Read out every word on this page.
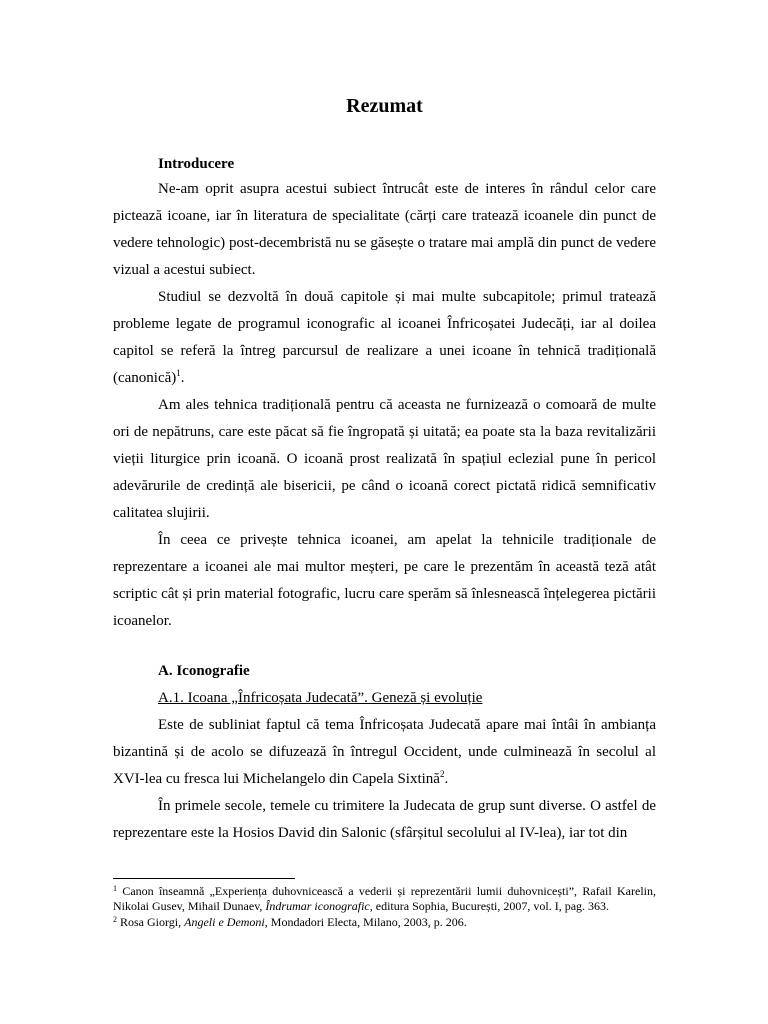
Rezumat
Introducere

Ne-am oprit asupra acestui subiect întrucât este de interes în rândul celor care pictează icoane, iar în literatura de specialitate (cărți care tratează icoanele din punct de vedere tehnologic) post-decembristă nu se găsește o tratare mai amplă din punct de vedere vizual a acestui subiect.

Studiul se dezvoltă în două capitole și mai multe subcapitole; primul tratează probleme legate de programul iconografic al icoanei Înfricoșatei Judecăți, iar al doilea capitol se referă la întreg parcursul de realizare a unei icoane în tehnică tradițională (canonică)$^1$.

Am ales tehnica tradițională pentru că aceasta ne furnizează o comoară de multe ori de nepătruns, care este păcat să fie îngropată și uitată; ea poate sta la baza revitalizării vieții liturgice prin icoană. O icoană prost realizată în spațiul eclezial pune în pericol adevărurile de credință ale bisericii, pe când o icoană corect pictată ridică semnificativ calitatea slujirii.

În ceea ce privește tehnica icoanei, am apelat la tehnicile tradiționale de reprezentare a icoanei ale mai multor meșteri, pe care le prezentăm în această teză atât scriptic cât și prin material fotografic, lucru care sperăm să înlesnească înțelegerea pictării icoanelor.

A. Iconografie
A.1. Icoana „Înfricoșata Judecată”. Geneză și evoluție

Este de subliniat faptul că tema Înfricoșata Judecată apare mai întâi în ambianța bizantină și de acolo se difuzează în întregul Occident, unde culminează în secolul al XVI-lea cu fresca lui Michelangelo din Capela Sixtină$^2$.

În primele secole, temele cu trimitere la Judecata de grup sunt diverse. O astfel de reprezentare este la Hosios David din Salonic (sfârșitul secolului al IV-lea), iar tot din

$^1$ Canon înseamnă „Experiența duhovnicească a vederii și reprezentării lumii duhovnicești”, Rafail Karelin, Nikolai Gusev, Mihail Dunaev, Îndrumar iconografic, editura Sophia, București, 2007, vol. I, pag. 363.

$^2$ Rosa Giorgi, Angeli e Demoni, Mondadori Electa, Milano, 2003, p. 206.
